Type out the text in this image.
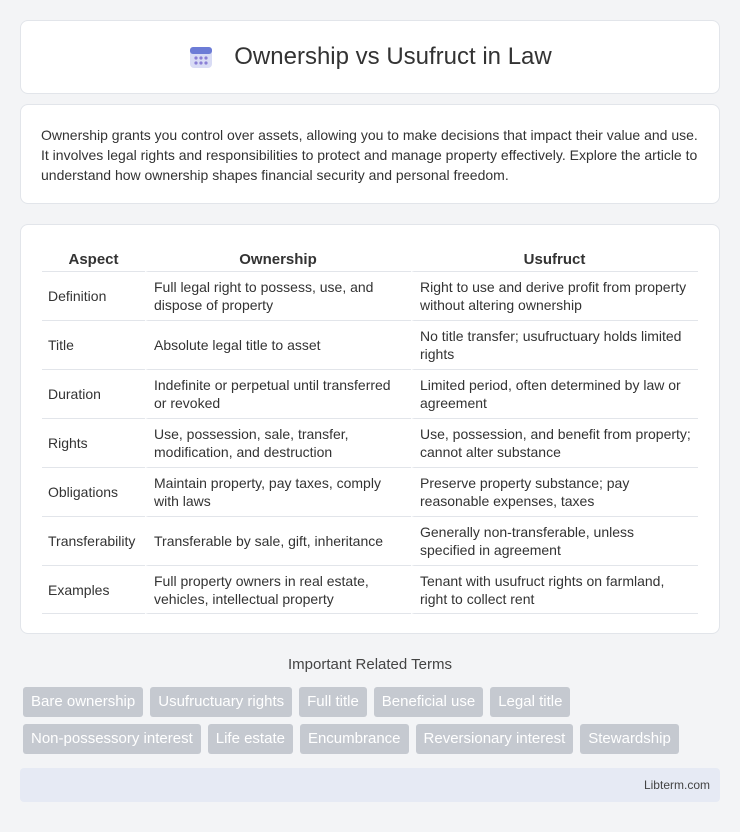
Ownership vs Usufruct in Law

Ownership grants you control over assets, allowing you to make decisions that impact their value and use. It involves legal rights and responsibilities to protect and manage property effectively. Explore the article to understand how ownership shapes financial security and personal freedom.

Aspect	Ownership	Usufruct
Definition	Full legal right to possess, use, and dispose of property	Right to use and derive profit from property without altering ownership
Title	Absolute legal title to asset	No title transfer; usufructuary holds limited rights
Duration	Indefinite or perpetual until transferred or revoked	Limited period, often determined by law or agreement
Rights	Use, possession, sale, transfer, modification, and destruction	Use, possession, and benefit from property; cannot alter substance
Obligations	Maintain property, pay taxes, comply with laws	Preserve property substance; pay reasonable expenses, taxes
Transferability	Transferable by sale, gift, inheritance	Generally non-transferable, unless specified in agreement
Examples	Full property owners in real estate, vehicles, intellectual property	Tenant with usufruct rights on farmland, right to collect rent
Important Related Terms
Bare ownership	Usufructuary rights	Full title	Beneficial use	Legal title
Non-possessory interest	Life estate	Encumbrance	Reversionary interest	Stewardship
Libterm.com
